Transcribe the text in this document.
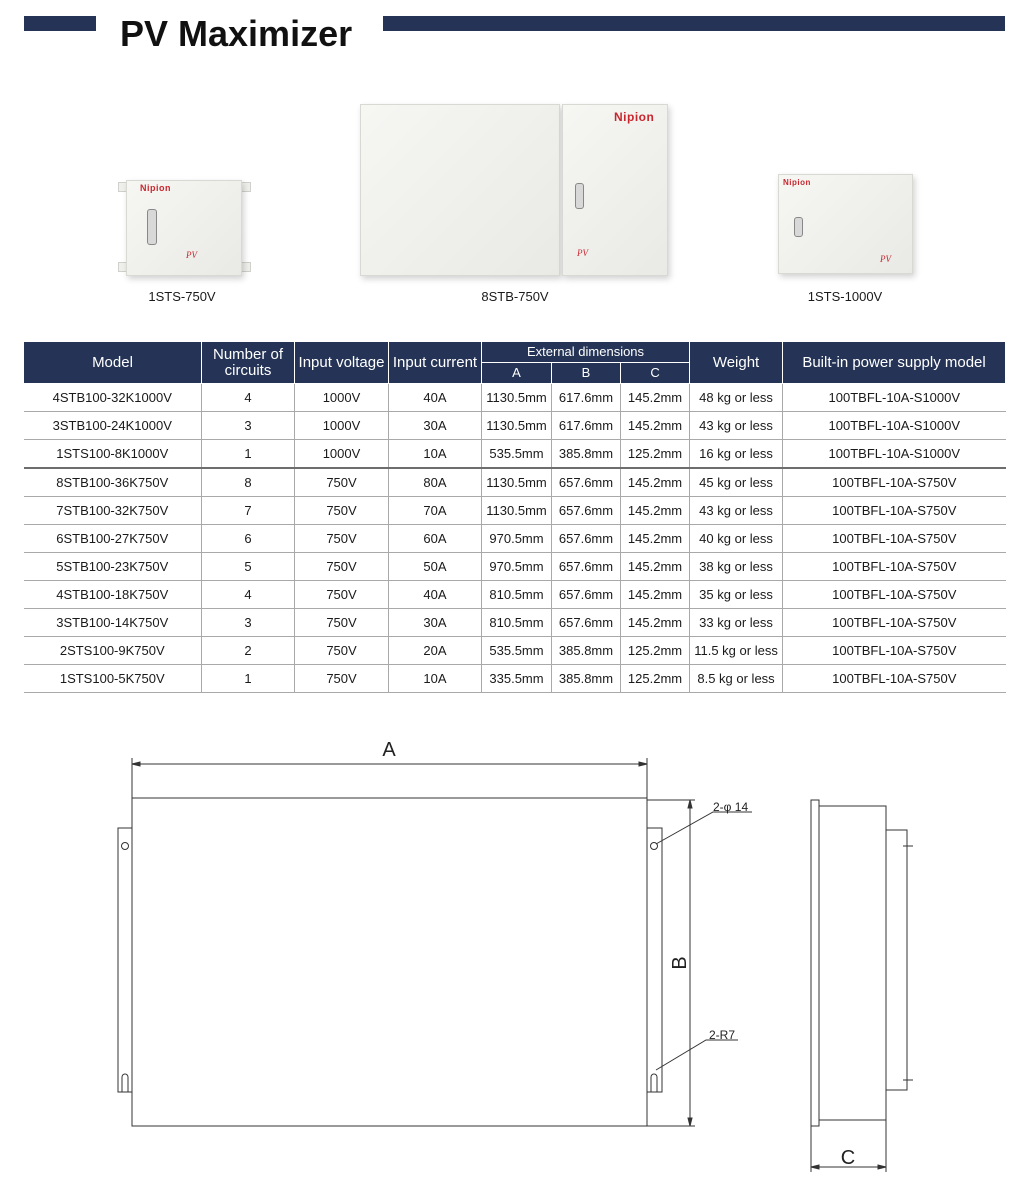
PV Maximizer
Nipion
PV
1STS-750V
Nipion
PV
8STB-750V
Nipion
PV
1STS-1000V
Model	Number of circuits	Input voltage	Input current	External dimensions			Weight	Built-in power supply model
				A	B	C		
4STB100-32K1000V	4	1000V	40A	1130.5mm	617.6mm	145.2mm	48 kg or less	100TBFL-10A-S1000V
3STB100-24K1000V	3	1000V	30A	1130.5mm	617.6mm	145.2mm	43 kg or less	100TBFL-10A-S1000V
1STS100-8K1000V	1	1000V	10A	535.5mm	385.8mm	125.2mm	16 kg or less	100TBFL-10A-S1000V
8STB100-36K750V	8	750V	80A	1130.5mm	657.6mm	145.2mm	45 kg or less	100TBFL-10A-S750V
7STB100-32K750V	7	750V	70A	1130.5mm	657.6mm	145.2mm	43 kg or less	100TBFL-10A-S750V
6STB100-27K750V	6	750V	60A	970.5mm	657.6mm	145.2mm	40 kg or less	100TBFL-10A-S750V
5STB100-23K750V	5	750V	50A	970.5mm	657.6mm	145.2mm	38 kg or less	100TBFL-10A-S750V
4STB100-18K750V	4	750V	40A	810.5mm	657.6mm	145.2mm	35 kg or less	100TBFL-10A-S750V
3STB100-14K750V	3	750V	30A	810.5mm	657.6mm	145.2mm	33 kg or less	100TBFL-10A-S750V
2STS100-9K750V	2	750V	20A	535.5mm	385.8mm	125.2mm	11.5 kg or less	100TBFL-10A-S750V
1STS100-5K750V	1	750V	10A	335.5mm	385.8mm	125.2mm	8.5 kg or less	100TBFL-10A-S750V
A
B
C
2-φ 14
2-R7
